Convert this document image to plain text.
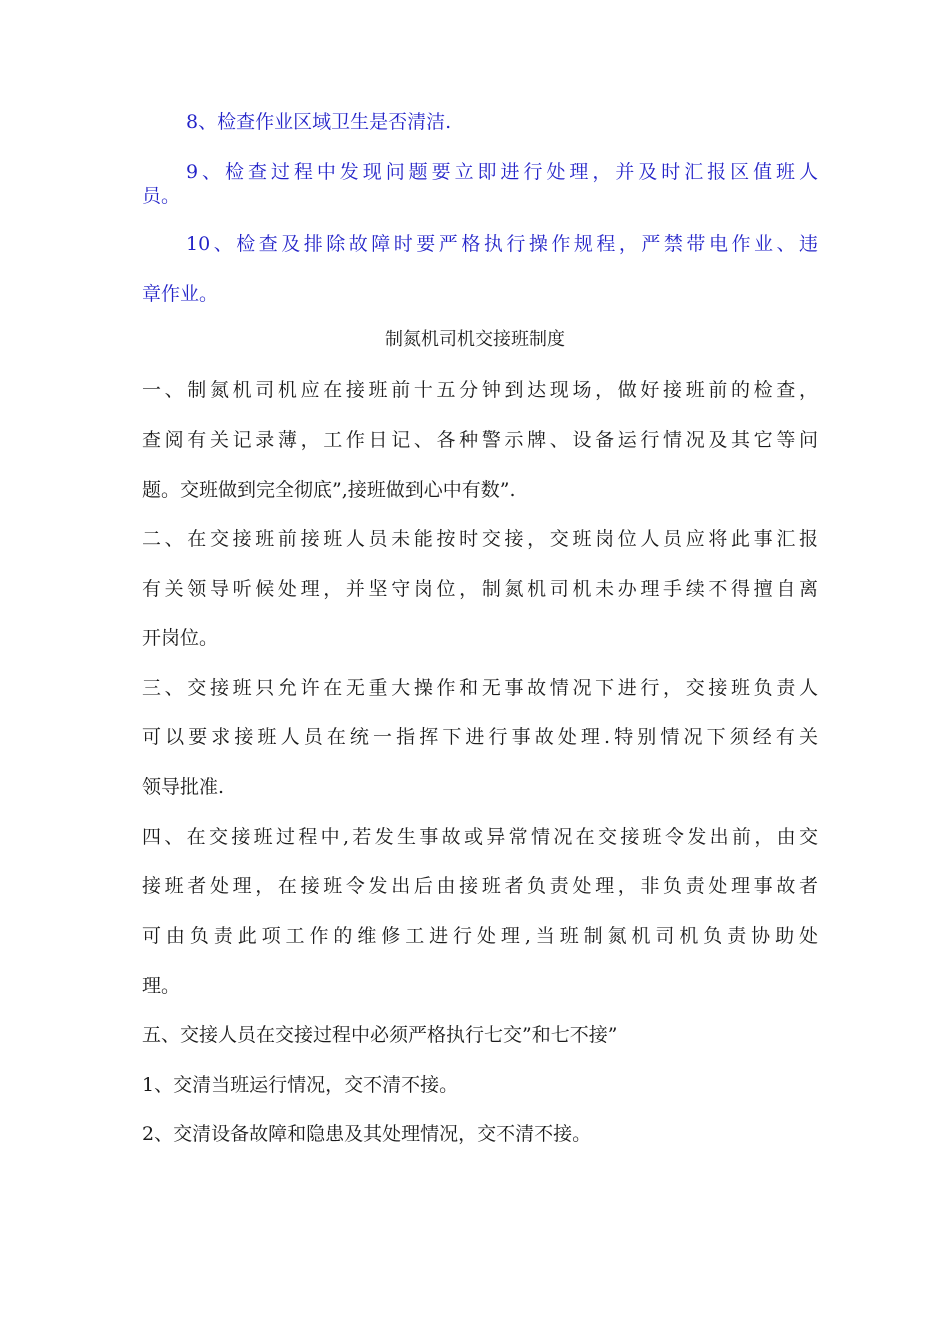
8、检查作业区域卫生是否清洁.
9、检查过程中发现问题要立即进行处理，并及时汇报区值班人
员。
10、检查及排除故障时要严格执行操作规程，严禁带电作业、违
章作业。
制氮机司机交接班制度
一、制氮机司机应在接班前十五分钟到达现场，做好接班前的检查，
查阅有关记录薄，工作日记、各种警示牌、设备运行情况及其它等问
题。交班做到完全彻底”,接班做到心中有数”.
二、在交接班前接班人员未能按时交接，交班岗位人员应将此事汇报
有关领导听候处理，并坚守岗位，制氮机司机未办理手续不得擅自离
开岗位。
三、交接班只允许在无重大操作和无事故情况下进行，交接班负责人
可以要求接班人员在统一指挥下进行事故处理.特别情况下须经有关
领导批准.
四、在交接班过程中,若发生事故或异常情况在交接班令发出前，由交
接班者处理，在接班令发出后由接班者负责处理，非负责处理事故者
可由负责此项工作的维修工进行处理,当班制氮机司机负责协助处
理。
五、交接人员在交接过程中必须严格执行七交”和七不接”
1、交清当班运行情况，交不清不接。
2、交清设备故障和隐患及其处理情况，交不清不接。
